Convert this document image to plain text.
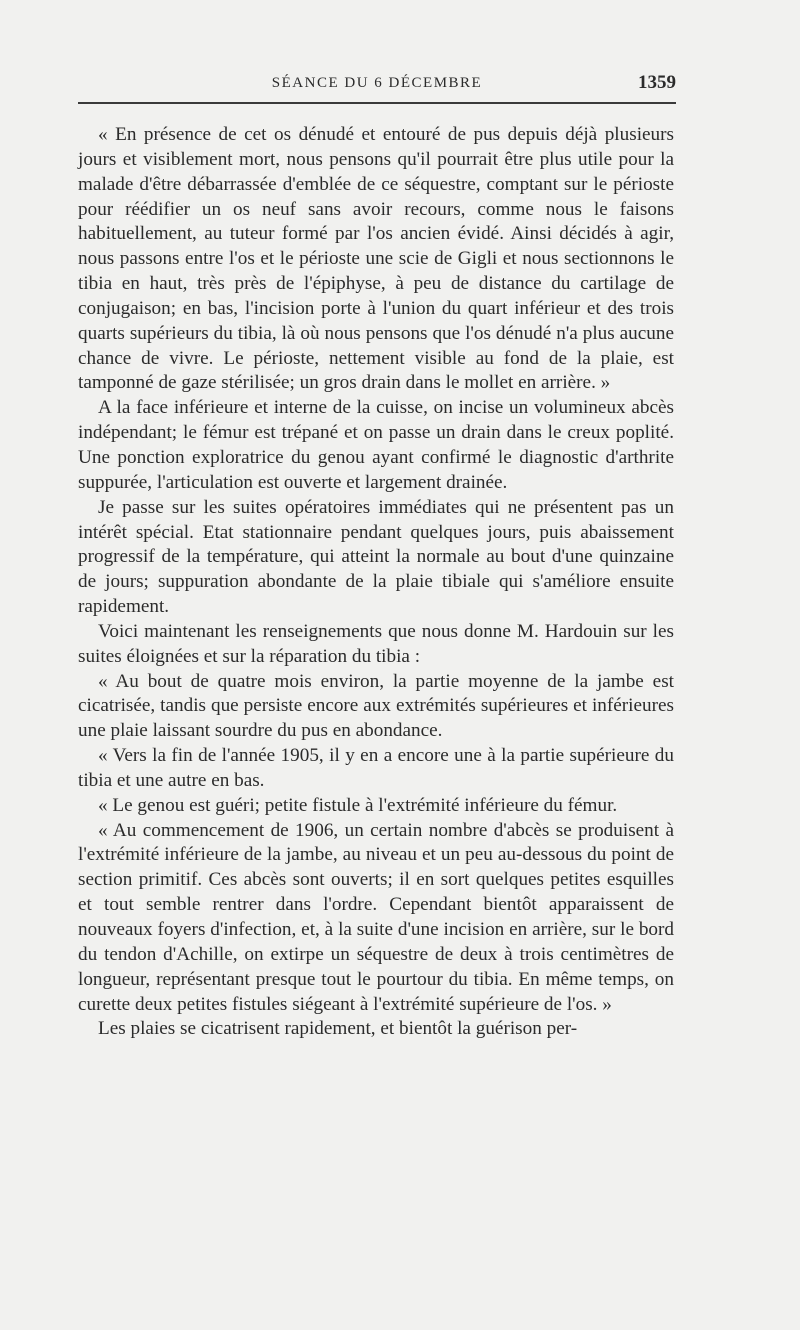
SÉANCE DU 6 DÉCEMBRE	1359

« En présence de cet os dénudé et entouré de pus depuis déjà plusieurs jours et visiblement mort, nous pensons qu'il pourrait être plus utile pour la malade d'être débarrassée d'emblée de ce séquestre, comptant sur le périoste pour réédifier un os neuf sans avoir recours, comme nous le faisons habituellement, au tuteur formé par l'os ancien évidé. Ainsi décidés à agir, nous passons entre l'os et le périoste une scie de Gigli et nous sectionnons le tibia en haut, très près de l'épiphyse, à peu de distance du cartilage de conjugaison; en bas, l'incision porte à l'union du quart inférieur et des trois quarts supérieurs du tibia, là où nous pensons que l'os dénudé n'a plus aucune chance de vivre. Le périoste, nettement visible au fond de la plaie, est tamponné de gaze stérilisée; un gros drain dans le mollet en arrière. »

A la face inférieure et interne de la cuisse, on incise un volumineux abcès indépendant; le fémur est trépané et on passe un drain dans le creux poplité. Une ponction exploratrice du genou ayant confirmé le diagnostic d'arthrite suppurée, l'articulation est ouverte et largement drainée.

Je passe sur les suites opératoires immédiates qui ne présentent pas un intérêt spécial. Etat stationnaire pendant quelques jours, puis abaissement progressif de la température, qui atteint la normale au bout d'une quinzaine de jours; suppuration abondante de la plaie tibiale qui s'améliore ensuite rapidement.

Voici maintenant les renseignements que nous donne M. Hardouin sur les suites éloignées et sur la réparation du tibia :

« Au bout de quatre mois environ, la partie moyenne de la jambe est cicatrisée, tandis que persiste encore aux extrémités supérieures et inférieures une plaie laissant sourdre du pus en abondance.

« Vers la fin de l'année 1905, il y en a encore une à la partie supérieure du tibia et une autre en bas.

« Le genou est guéri; petite fistule à l'extrémité inférieure du fémur.

« Au commencement de 1906, un certain nombre d'abcès se produisent à l'extrémité inférieure de la jambe, au niveau et un peu au-dessous du point de section primitif. Ces abcès sont ouverts; il en sort quelques petites esquilles et tout semble rentrer dans l'ordre. Cependant bientôt apparaissent de nouveaux foyers d'infection, et, à la suite d'une incision en arrière, sur le bord du tendon d'Achille, on extirpe un séquestre de deux à trois centimètres de longueur, représentant presque tout le pourtour du tibia. En même temps, on curette deux petites fistules siégeant à l'extrémité supérieure de l'os. »

Les plaies se cicatrisent rapidement, et bientôt la guérison per-
